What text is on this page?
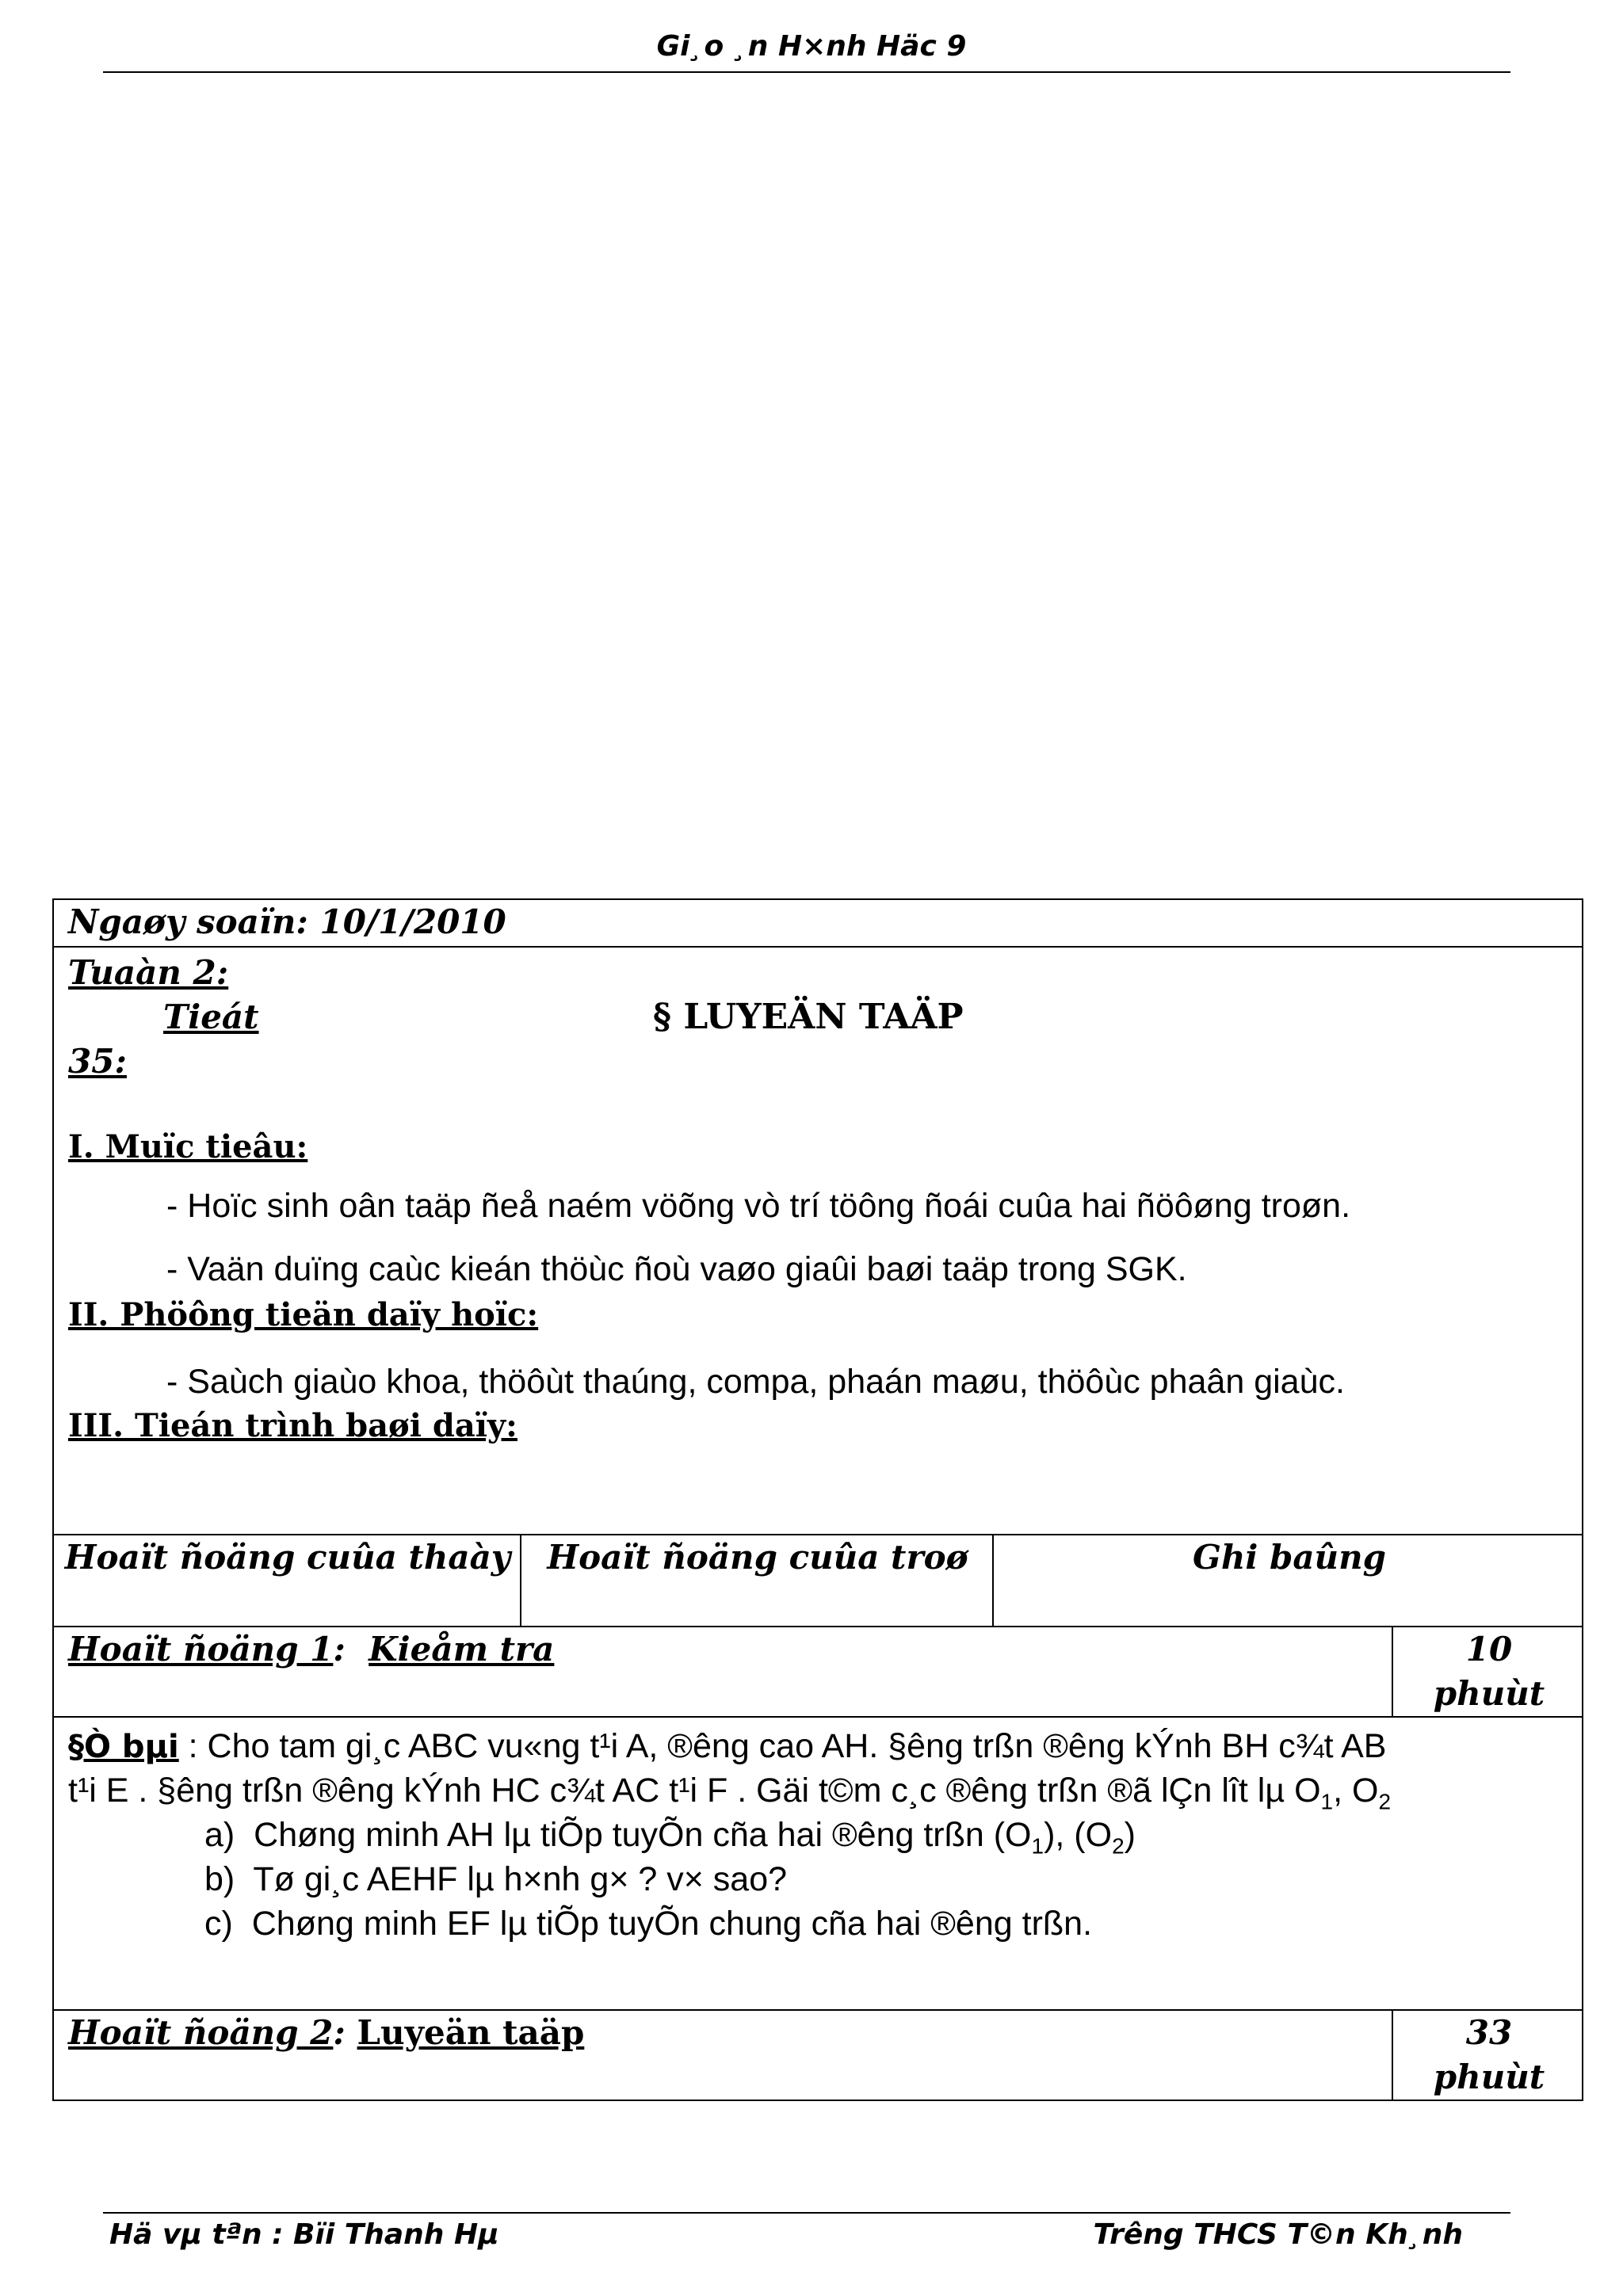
Gi¸o ¸n H×nh Häc 9
Ngaøy soaïn: 10/1/2010
Tuaàn 2:
Tieát
35:
§ LUYEÄN TAÄP
I. Muïc tieâu:
- Hoïc sinh oân taäp ñeå naém vöõng vò trí töông ñoái cuûa hai ñöôøng troøn.
- Vaän duïng caùc kieán thöùc ñoù vaøo giaûi baøi taäp trong SGK.
II. Phöông tieän daïy hoïc:
- Saùch giaùo khoa, thöôùt thaúng, compa, phaán maøu, thöôùc phaân giaùc.
III. Tieán trình baøi daïy:
Hoaït ñoäng cuûa thaày	Hoaït ñoäng cuûa troø	Ghi baûng
Hoaït ñoäng 1: Kieåm tra	10
phuùt
§Ò bµi : Cho tam gi¸c ABC vu«ng t¹i A, ®êng cao AH. §êng trßn ®êng kÝnh BH c¾t AB
t¹i E . §êng trßn ®êng kÝnh HC c¾t AC t¹i F . Gäi t©m c¸c ®êng trßn ®ã lÇn lît lµ $O_1$, $O_2$
a) Chøng minh AH lµ tiÕp tuyÕn cña hai ®êng trßn $(O_1)$, $(O_2)$
b) Tø gi¸c AEHF lµ h×nh g× ? v× sao?
c) Chøng minh EF lµ tiÕp tuyÕn chung cña hai ®êng trßn.
Hoaït ñoäng 2: Luyeän taäp	33
phuùt
Hä vµ tªn : Bïi Thanh Hµ	Trêng THCS T©n Kh¸nh
